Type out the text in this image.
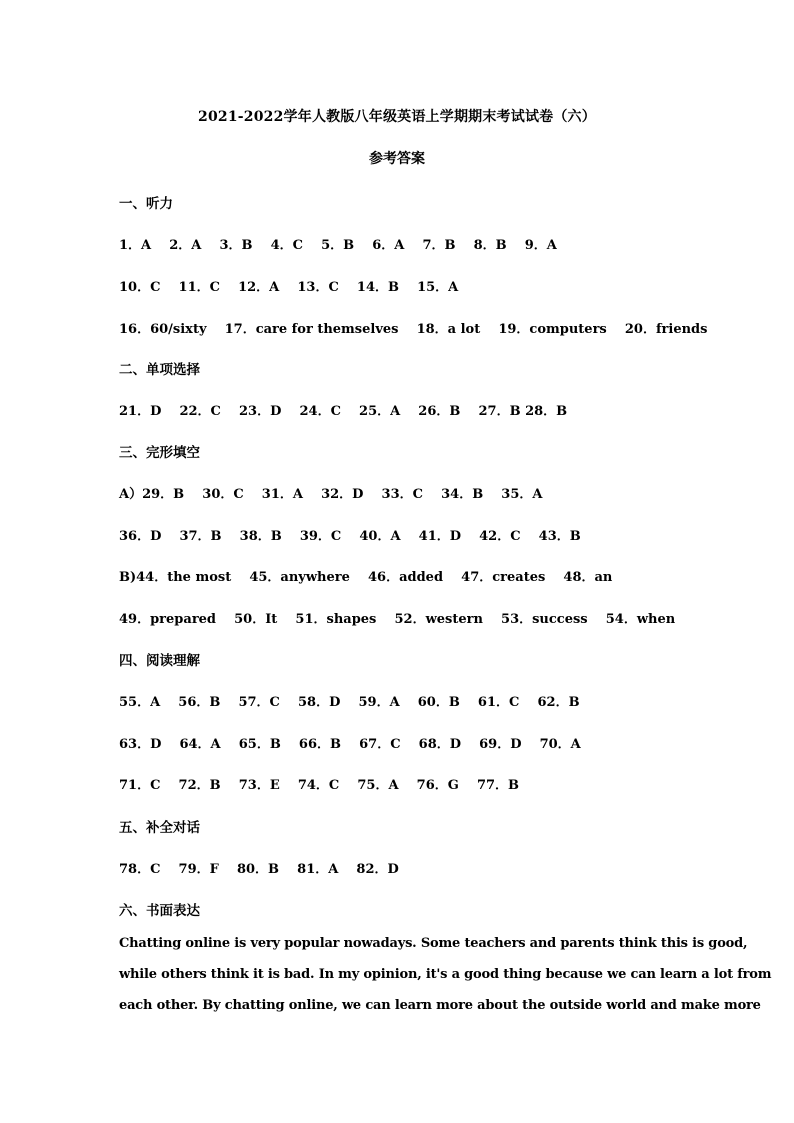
2021-2022学年人教版八年级英语上学期期末考试试卷（六）
参考答案
一、听力
1．A    2．A    3．B    4．C    5．B    6．A    7．B    8．B    9．A
10．C    11．C    12．A    13．C    14．B    15．A
16．60/sixty    17．care for themselves    18．a lot    19．computers    20．friends
二、单项选择
21．D    22．C    23．D    24．C    25．A    26．B    27．B 28．B
三、完形填空
A）29．B    30．C    31．A    32．D    33．C    34．B    35．A
36．D    37．B    38．B    39．C    40．A    41．D    42．C    43．B
B)44．the most    45．anywhere    46．added    47．creates    48．an
49．prepared    50．It    51．shapes    52．western    53．success    54．when
四、阅读理解
55．A    56．B    57．C    58．D    59．A    60．B    61．C    62．B
63．D    64．A    65．B    66．B    67．C    68．D    69．D    70．A
71．C    72．B    73．E    74．C    75．A    76．G    77．B
五、补全对话
78．C    79．F    80．B    81．A    82．D
六、书面表达
Chatting online is very popular nowadays. Some teachers and parents think this is good,
while others think it is bad. In my opinion, it's a good thing because we can learn a lot from
each other. By chatting online, we can learn more about the outside world and make more
